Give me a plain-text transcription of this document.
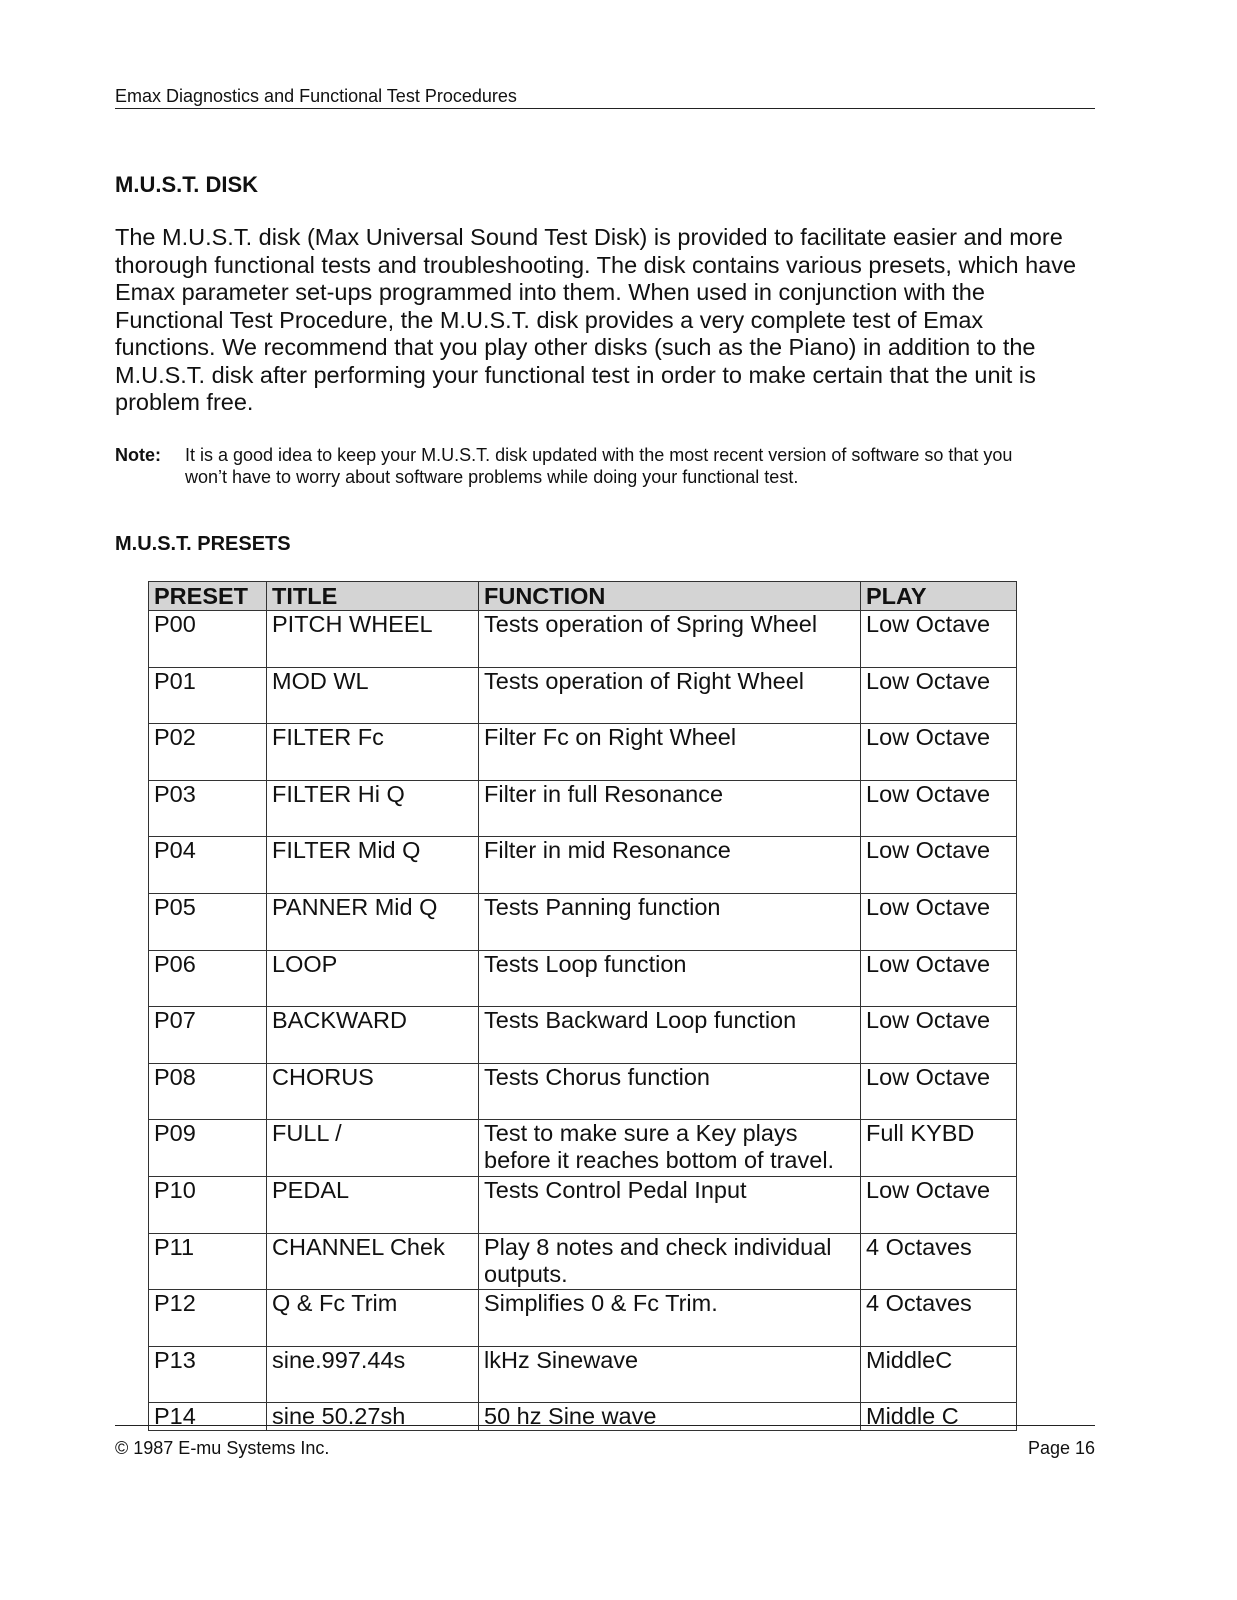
Emax Diagnostics and Functional Test Procedures
M.U.S.T. DISK
The M.U.S.T. disk (Max Universal Sound Test Disk) is provided to facilitate easier and more
thorough functional tests and troubleshooting. The disk contains various presets, which have
Emax parameter set-ups programmed into them. When used in conjunction with the
Functional Test Procedure, the M.U.S.T. disk provides a very complete test of Emax
functions. We recommend that you play other disks (such as the Piano) in addition to the
M.U.S.T. disk after performing your functional test in order to make certain that the unit is
problem free.
Note: It is a good idea to keep your M.U.S.T. disk updated with the most recent version of software so that you
won’t have to worry about software problems while doing your functional test.
M.U.S.T. PRESETS
PRESET	TITLE	FUNCTION	PLAY
P00	PITCH WHEEL	Tests operation of Spring Wheel	Low Octave
P01	MOD WL	Tests operation of Right Wheel	Low Octave
P02	FILTER Fc	Filter Fc on Right Wheel	Low Octave
P03	FILTER Hi Q	Filter in full Resonance	Low Octave
P04	FILTER Mid Q	Filter in mid Resonance	Low Octave
P05	PANNER Mid Q	Tests Panning function	Low Octave
P06	LOOP	Tests Loop function	Low Octave
P07	BACKWARD	Tests Backward Loop function	Low Octave
P08	CHORUS	Tests Chorus function	Low Octave
P09	FULL /	Test to make sure a Key plays before it reaches bottom of travel.	Full KYBD
P10	PEDAL	Tests Control Pedal Input	Low Octave
P11	CHANNEL Chek	Play 8 notes and check individual outputs.	4 Octaves
P12	Q & Fc Trim	Simplifies 0 & Fc Trim.	4 Octaves
P13	sine.997.44s	lkHz Sinewave	MiddleC
P14	sine 50.27sh	50 hz Sine wave	Middle C
© 1987 E-mu Systems Inc.	Page 16
